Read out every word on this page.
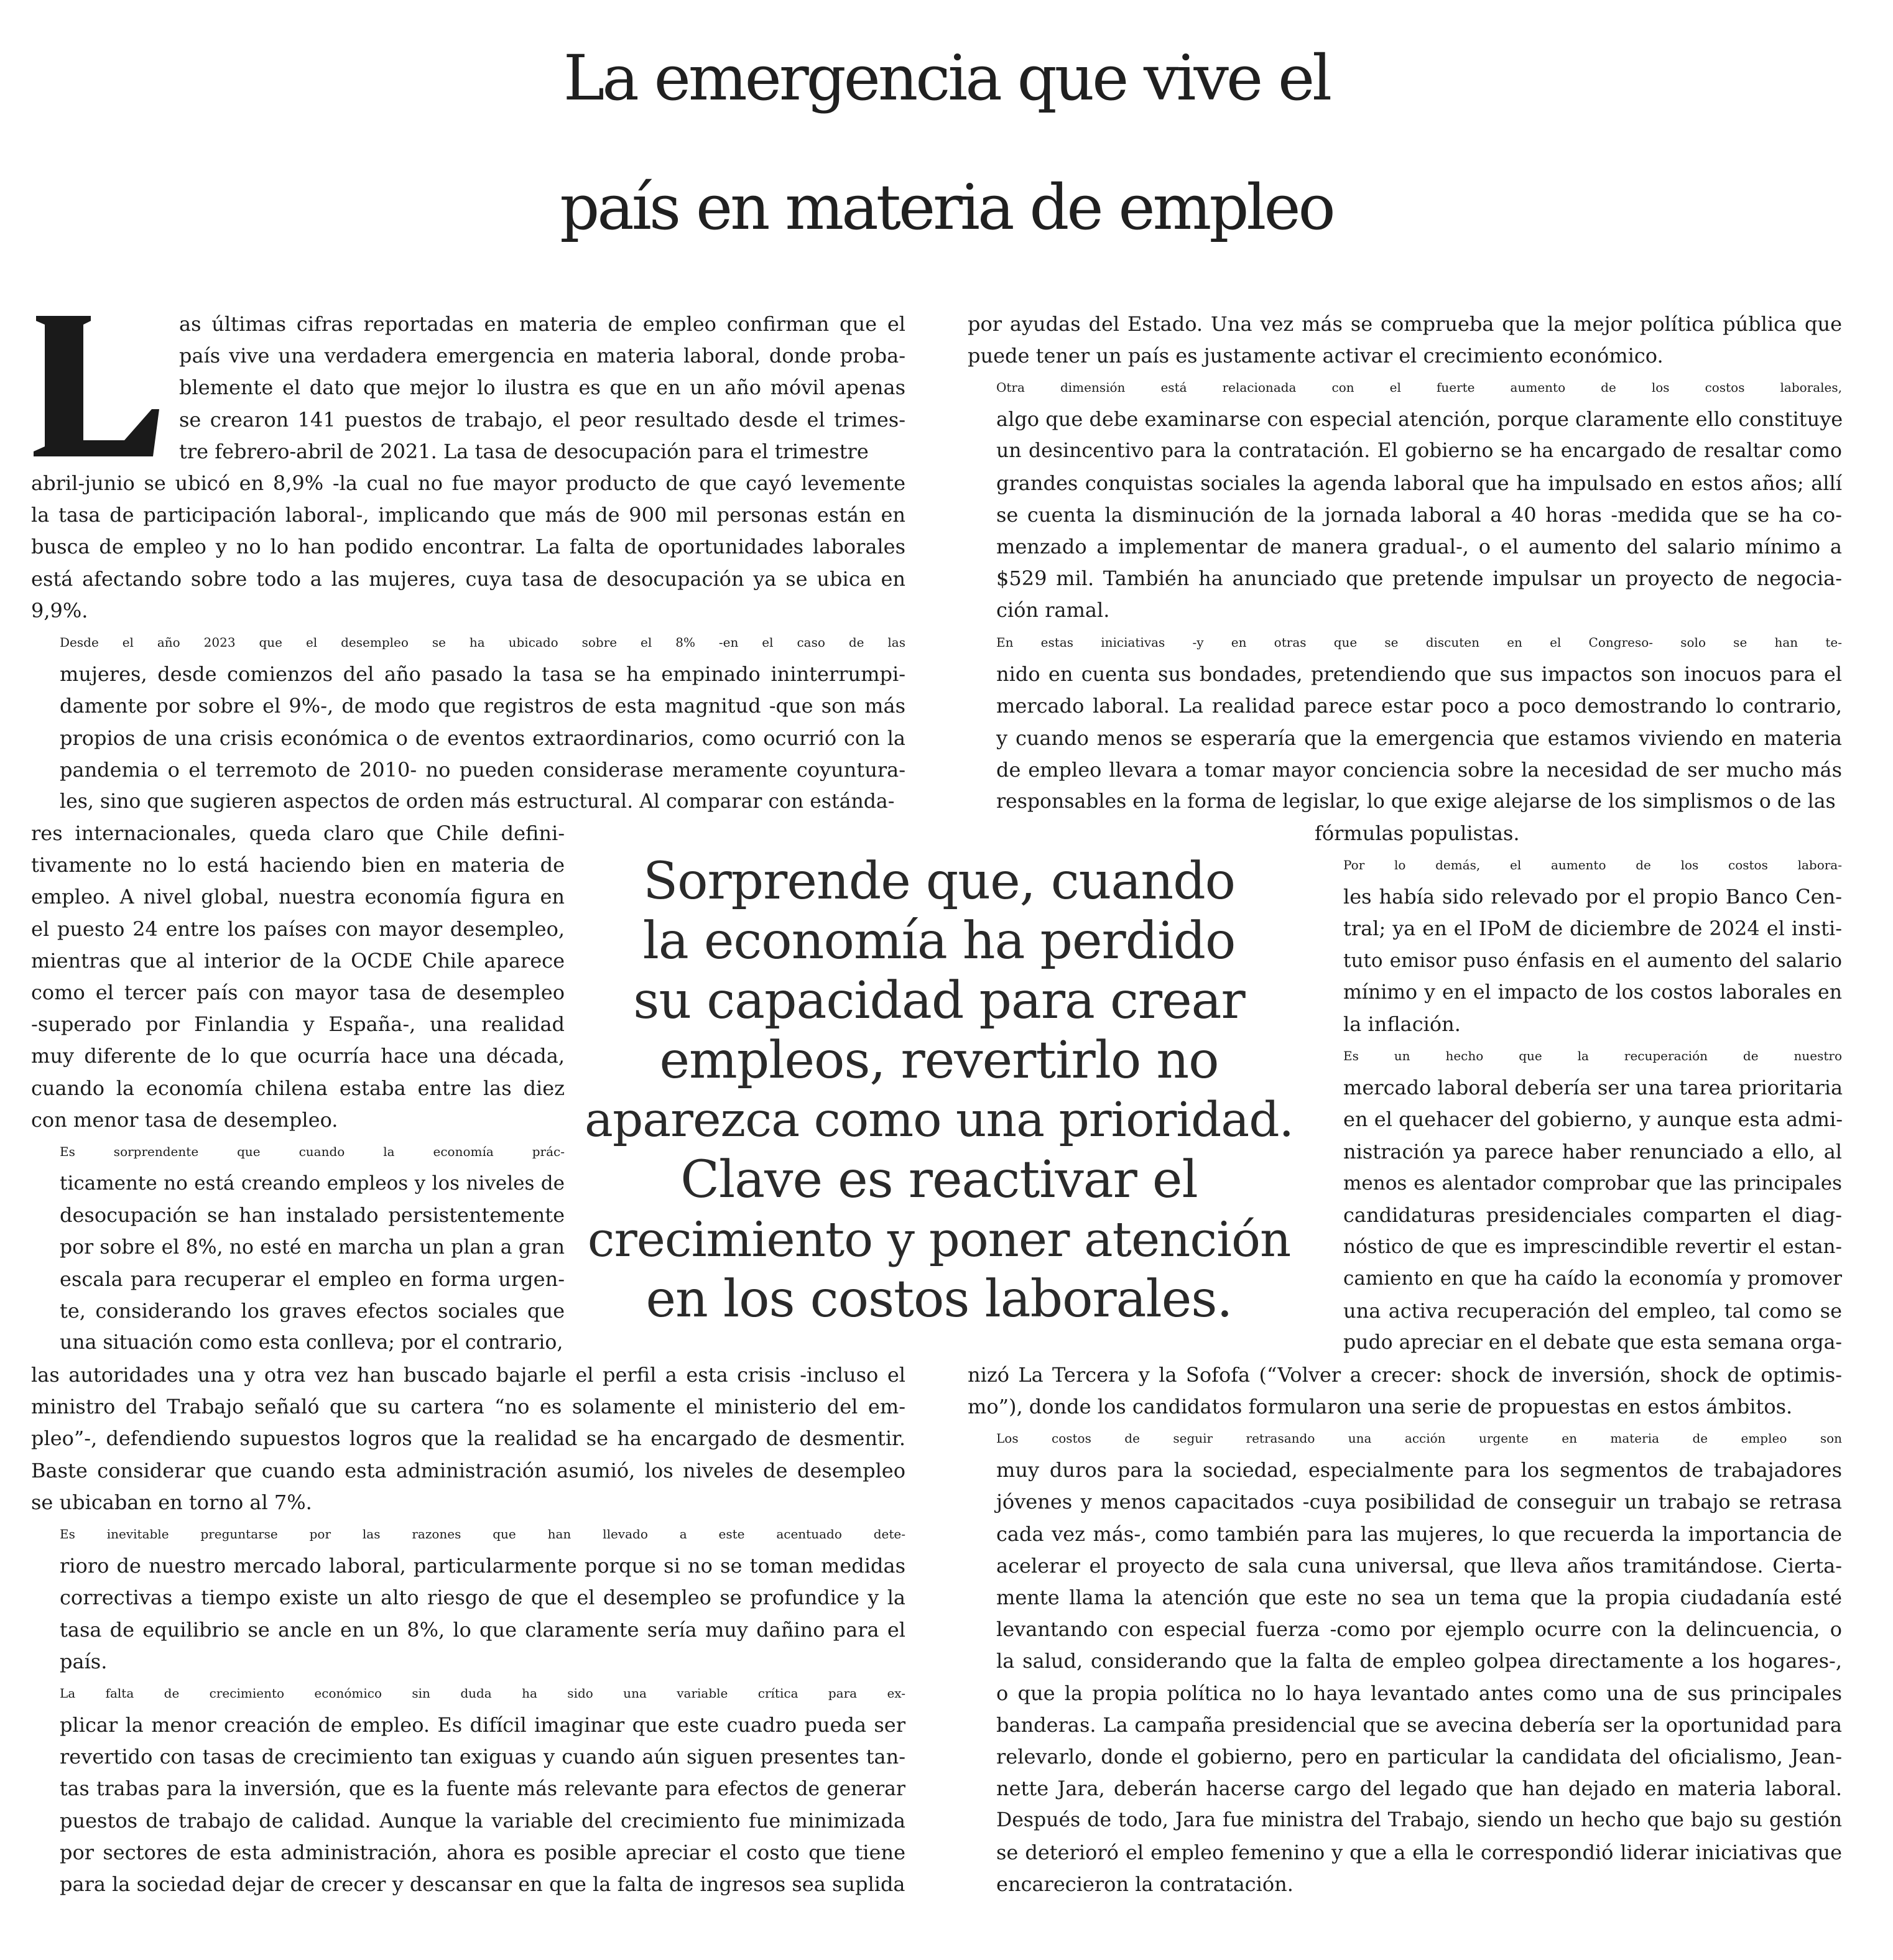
La emergencia que vive el
país en materia de empleo
as últimas cifras reportadas en materia de empleo confirman que el
país vive una verdadera emergencia en materia laboral, donde proba-
blemente el dato que mejor lo ilustra es que en un año móvil apenas
se crearon 141 puestos de trabajo, el peor resultado desde el trimes-
tre febrero-abril de 2021. La tasa de desocupación para el trimestre
abril-junio se ubicó en 8,9% -la cual no fue mayor producto de que cayó levemente
la tasa de participación laboral-, implicando que más de 900 mil personas están en
busca de empleo y no lo han podido encontrar. La falta de oportunidades laborales
está afectando sobre todo a las mujeres, cuya tasa de desocupación ya se ubica en
9,9%.
Desde el año 2023 que el desempleo se ha ubicado sobre el 8% -en el caso de las
mujeres, desde comienzos del año pasado la tasa se ha empinado ininterrumpi-
damente por sobre el 9%-, de modo que registros de esta magnitud -que son más
propios de una crisis económica o de eventos extraordinarios, como ocurrió con la
pandemia o el terremoto de 2010- no pueden considerase meramente coyuntura-
les, sino que sugieren aspectos de orden más estructural. Al comparar con estánda-
res internacionales, queda claro que Chile defini-
tivamente no lo está haciendo bien en materia de
empleo. A nivel global, nuestra economía figura en
el puesto 24 entre los países con mayor desempleo,
mientras que al interior de la OCDE Chile aparece
como el tercer país con mayor tasa de desempleo
-superado por Finlandia y España-, una realidad
muy diferente de lo que ocurría hace una década,
cuando la economía chilena estaba entre las diez
con menor tasa de desempleo.
Es sorprendente que cuando la economía prác-
ticamente no está creando empleos y los niveles de
desocupación se han instalado persistentemente
por sobre el 8%, no esté en marcha un plan a gran
escala para recuperar el empleo en forma urgen-
te, considerando los graves efectos sociales que
una situación como esta conlleva; por el contrario,
las autoridades una y otra vez han buscado bajarle el perfil a esta crisis -incluso el
ministro del Trabajo señaló que su cartera “no es solamente el ministerio del em-
pleo”-, defendiendo supuestos logros que la realidad se ha encargado de desmentir.
Baste considerar que cuando esta administración asumió, los niveles de desempleo
se ubicaban en torno al 7%.
Es inevitable preguntarse por las razones que han llevado a este acentuado dete-
rioro de nuestro mercado laboral, particularmente porque si no se toman medidas
correctivas a tiempo existe un alto riesgo de que el desempleo se profundice y la
tasa de equilibrio se ancle en un 8%, lo que claramente sería muy dañino para el
país.
La falta de crecimiento económico sin duda ha sido una variable crítica para ex-
plicar la menor creación de empleo. Es difícil imaginar que este cuadro pueda ser
revertido con tasas de crecimiento tan exiguas y cuando aún siguen presentes tan-
tas trabas para la inversión, que es la fuente más relevante para efectos de generar
puestos de trabajo de calidad. Aunque la variable del crecimiento fue minimizada
por sectores de esta administración, ahora es posible apreciar el costo que tiene
para la sociedad dejar de crecer y descansar en que la falta de ingresos sea suplida
por ayudas del Estado. Una vez más se comprueba que la mejor política pública que
puede tener un país es justamente activar el crecimiento económico.
Otra dimensión está relacionada con el fuerte aumento de los costos laborales,
algo que debe examinarse con especial atención, porque claramente ello constituye
un desincentivo para la contratación. El gobierno se ha encargado de resaltar como
grandes conquistas sociales la agenda laboral que ha impulsado en estos años; allí
se cuenta la disminución de la jornada laboral a 40 horas -medida que se ha co-
menzado a implementar de manera gradual-, o el aumento del salario mínimo a
$529 mil. También ha anunciado que pretende impulsar un proyecto de negocia-
ción ramal.
En estas iniciativas -y en otras que se discuten en el Congreso- solo se han te-
nido en cuenta sus bondades, pretendiendo que sus impactos son inocuos para el
mercado laboral. La realidad parece estar poco a poco demostrando lo contrario,
y cuando menos se esperaría que la emergencia que estamos viviendo en materia
de empleo llevara a tomar mayor conciencia sobre la necesidad de ser mucho más
responsables en la forma de legislar, lo que exige alejarse de los simplismos o de las
fórmulas populistas.
Por lo demás, el aumento de los costos labora-
les había sido relevado por el propio Banco Cen-
tral; ya en el IPoM de diciembre de 2024 el insti-
tuto emisor puso énfasis en el aumento del salario
mínimo y en el impacto de los costos laborales en
la inflación.
Es un hecho que la recuperación de nuestro
mercado laboral debería ser una tarea prioritaria
en el quehacer del gobierno, y aunque esta admi-
nistración ya parece haber renunciado a ello, al
menos es alentador comprobar que las principales
candidaturas presidenciales comparten el diag-
nóstico de que es imprescindible revertir el estan-
camiento en que ha caído la economía y promover
una activa recuperación del empleo, tal como se
pudo apreciar en el debate que esta semana orga-
nizó La Tercera y la Sofofa (“Volver a crecer: shock de inversión, shock de optimis-
mo”), donde los candidatos formularon una serie de propuestas en estos ámbitos.
Los costos de seguir retrasando una acción urgente en materia de empleo son
muy duros para la sociedad, especialmente para los segmentos de trabajadores
jóvenes y menos capacitados -cuya posibilidad de conseguir un trabajo se retrasa
cada vez más-, como también para las mujeres, lo que recuerda la importancia de
acelerar el proyecto de sala cuna universal, que lleva años tramitándose. Cierta-
mente llama la atención que este no sea un tema que la propia ciudadanía esté
levantando con especial fuerza -como por ejemplo ocurre con la delincuencia, o
la salud, considerando que la falta de empleo golpea directamente a los hogares-,
o que la propia política no lo haya levantado antes como una de sus principales
banderas. La campaña presidencial que se avecina debería ser la oportunidad para
relevarlo, donde el gobierno, pero en particular la candidata del oficialismo, Jean-
nette Jara, deberán hacerse cargo del legado que han dejado en materia laboral.
Después de todo, Jara fue ministra del Trabajo, siendo un hecho que bajo su gestión
se deterioró el empleo femenino y que a ella le correspondió liderar iniciativas que
encarecieron la contratación.
Sorprende que, cuando
la economía ha perdido
su capacidad para crear
empleos, revertirlo no
aparezca como una prioridad.
Clave es reactivar el
crecimiento y poner atención
en los costos laborales.
